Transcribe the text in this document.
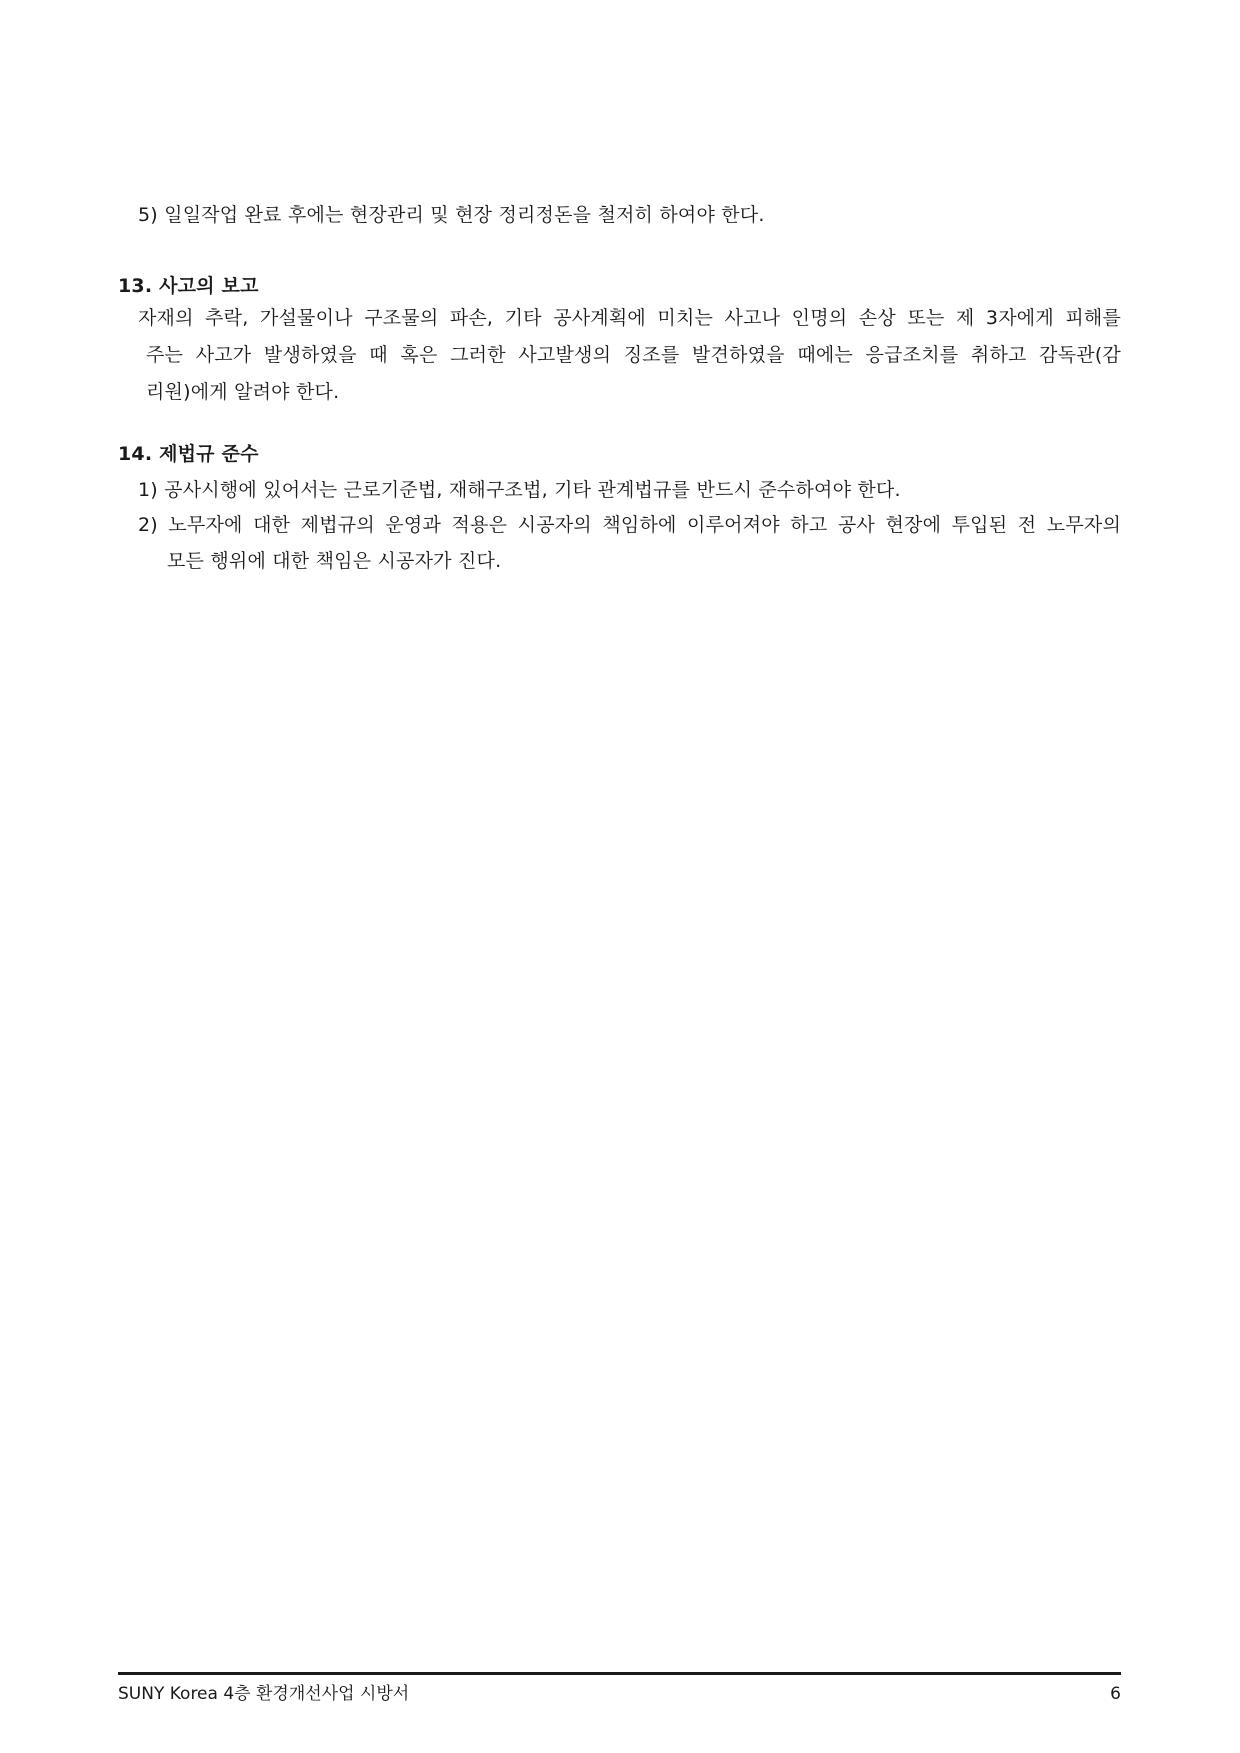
5) 일일작업 완료 후에는 현장관리 및 현장 정리정돈을 철저히 하여야 한다.
13. 사고의 보고
자재의 추락, 가설물이나 구조물의 파손, 기타 공사계획에 미치는 사고나 인명의 손상 또는 제 3자에게 피해를
주는 사고가 발생하였을 때 혹은 그러한 사고발생의 징조를 발견하였을 때에는 응급조치를 취하고 감독관(감
리원)에게 알려야 한다.
14. 제법규 준수
1) 공사시행에 있어서는 근로기준법, 재해구조법, 기타 관계법규를 반드시 준수하여야 한다.
2) 노무자에 대한 제법규의 운영과 적용은 시공자의 책임하에 이루어져야 하고 공사 현장에 투입된 전 노무자의
모든 행위에 대한 책임은 시공자가 진다.
SUNY Korea 4층 환경개선사업 시방서	6
